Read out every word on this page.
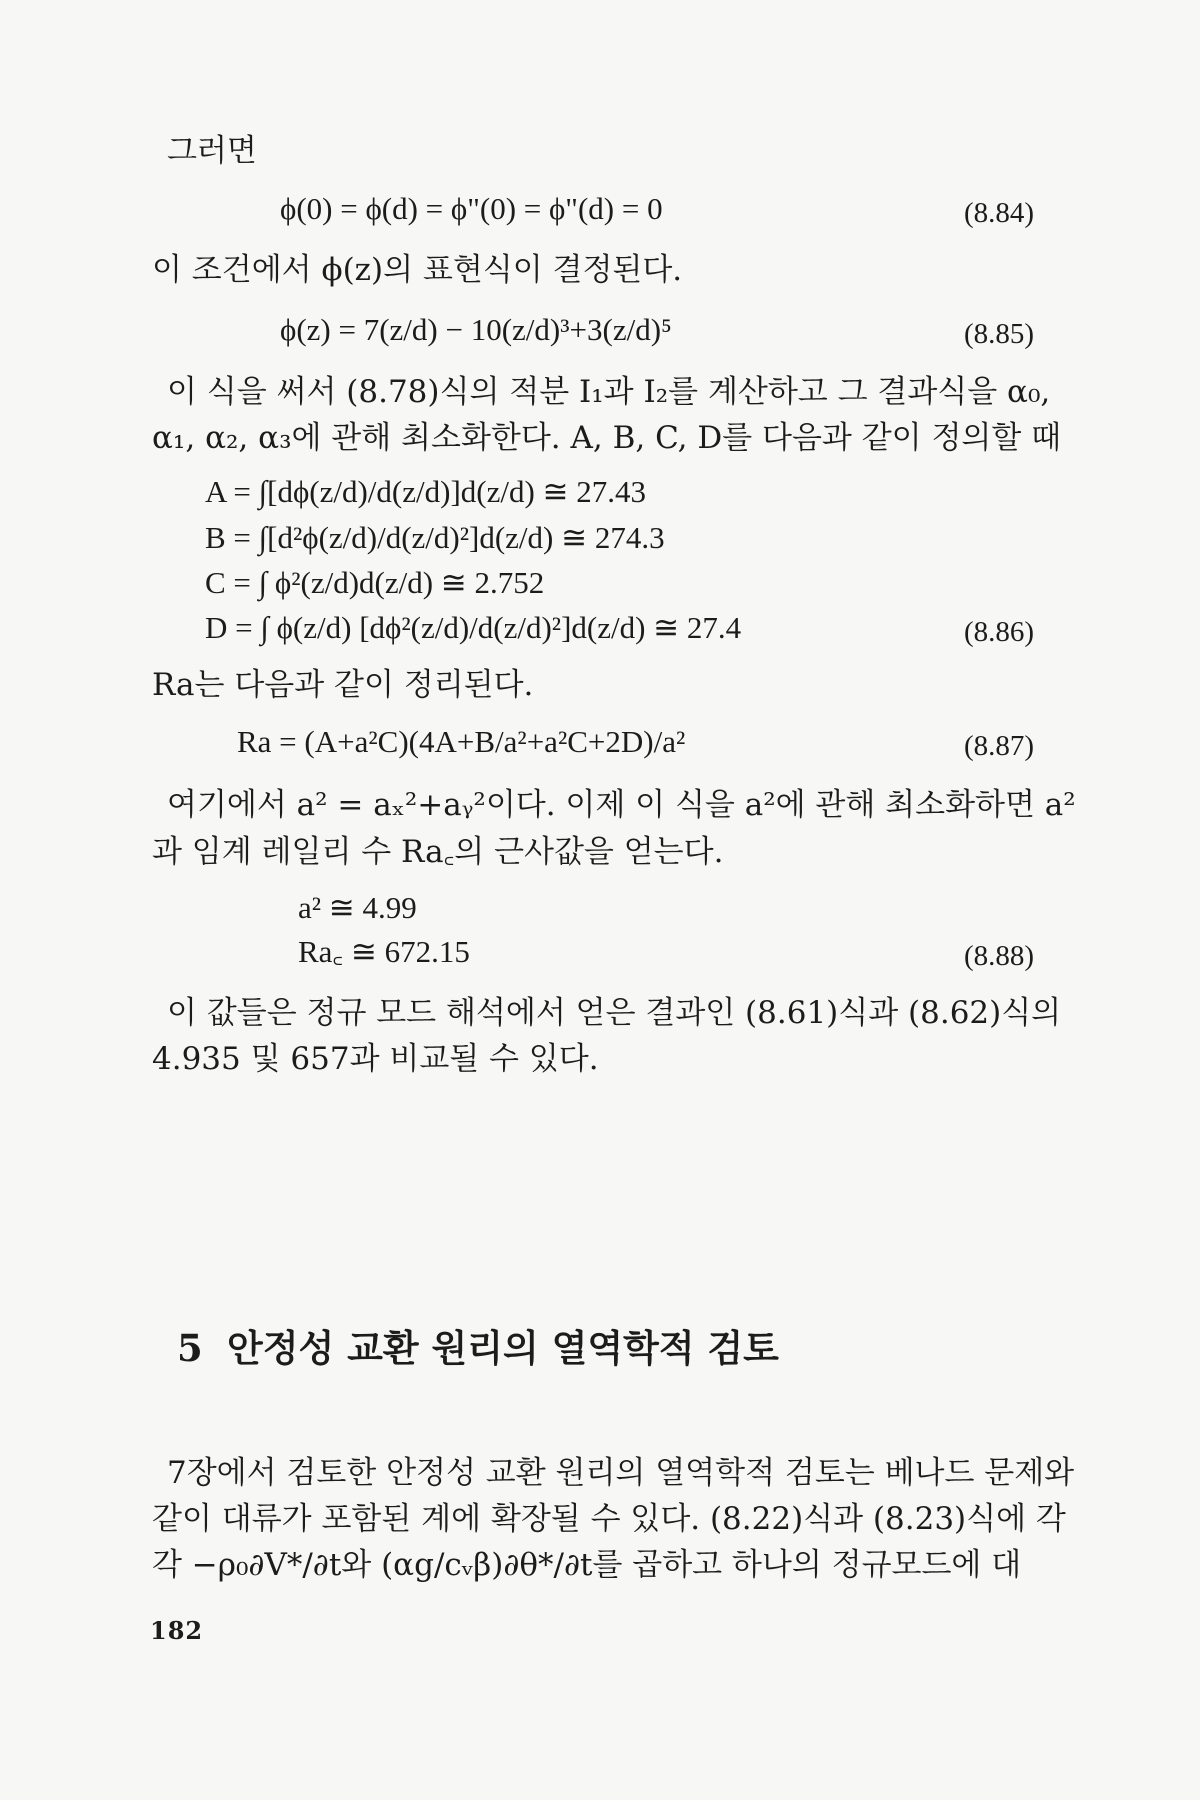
그러면
ϕ(0) = ϕ(d) = ϕ"(0) = ϕ"(d) = 0	(8.84)
이 조건에서 ϕ(z)의 표현식이 결정된다.
ϕ(z) = 7(z/d) − 10(z/d)³+3(z/d)⁵	(8.85)
이 식을 써서 (8.78)식의 적분 I₁과 I₂를 계산하고 그 결과식을 α₀,
α₁, α₂, α₃에 관해 최소화한다. A, B, C, D를 다음과 같이 정의할 때
A = ∫[dϕ(z/d)/d(z/d)]d(z/d) ≅ 27.43
B = ∫[d²ϕ(z/d)/d(z/d)²]d(z/d) ≅ 274.3
C = ∫ ϕ²(z/d)d(z/d) ≅ 2.752
D = ∫ ϕ(z/d) [dϕ²(z/d)/d(z/d)²]d(z/d) ≅ 27.4	(8.86)
Ra는 다음과 같이 정리된다.
Ra = (A+a²C)(4A+B/a²+a²C+2D)/a²	(8.87)
여기에서 a² = aₓ²+aᵧ²이다. 이제 이 식을 a²에 관해 최소화하면 a²
과 임계 레일리 수 Ra꜀의 근사값을 얻는다.
a² ≅ 4.99
Ra꜀ ≅ 672.15	(8.88)
이 값들은 정규 모드 해석에서 얻은 결과인 (8.61)식과 (8.62)식의
4.935 및 657과 비교될 수 있다.
5 안정성 교환 원리의 열역학적 검토
7장에서 검토한 안정성 교환 원리의 열역학적 검토는 베나드 문제와
같이 대류가 포함된 계에 확장될 수 있다. (8.22)식과 (8.23)식에 각
각 −ρ₀∂V*/∂t와 (αg/cᵥβ)∂θ*/∂t를 곱하고 하나의 정규모드에 대
182
